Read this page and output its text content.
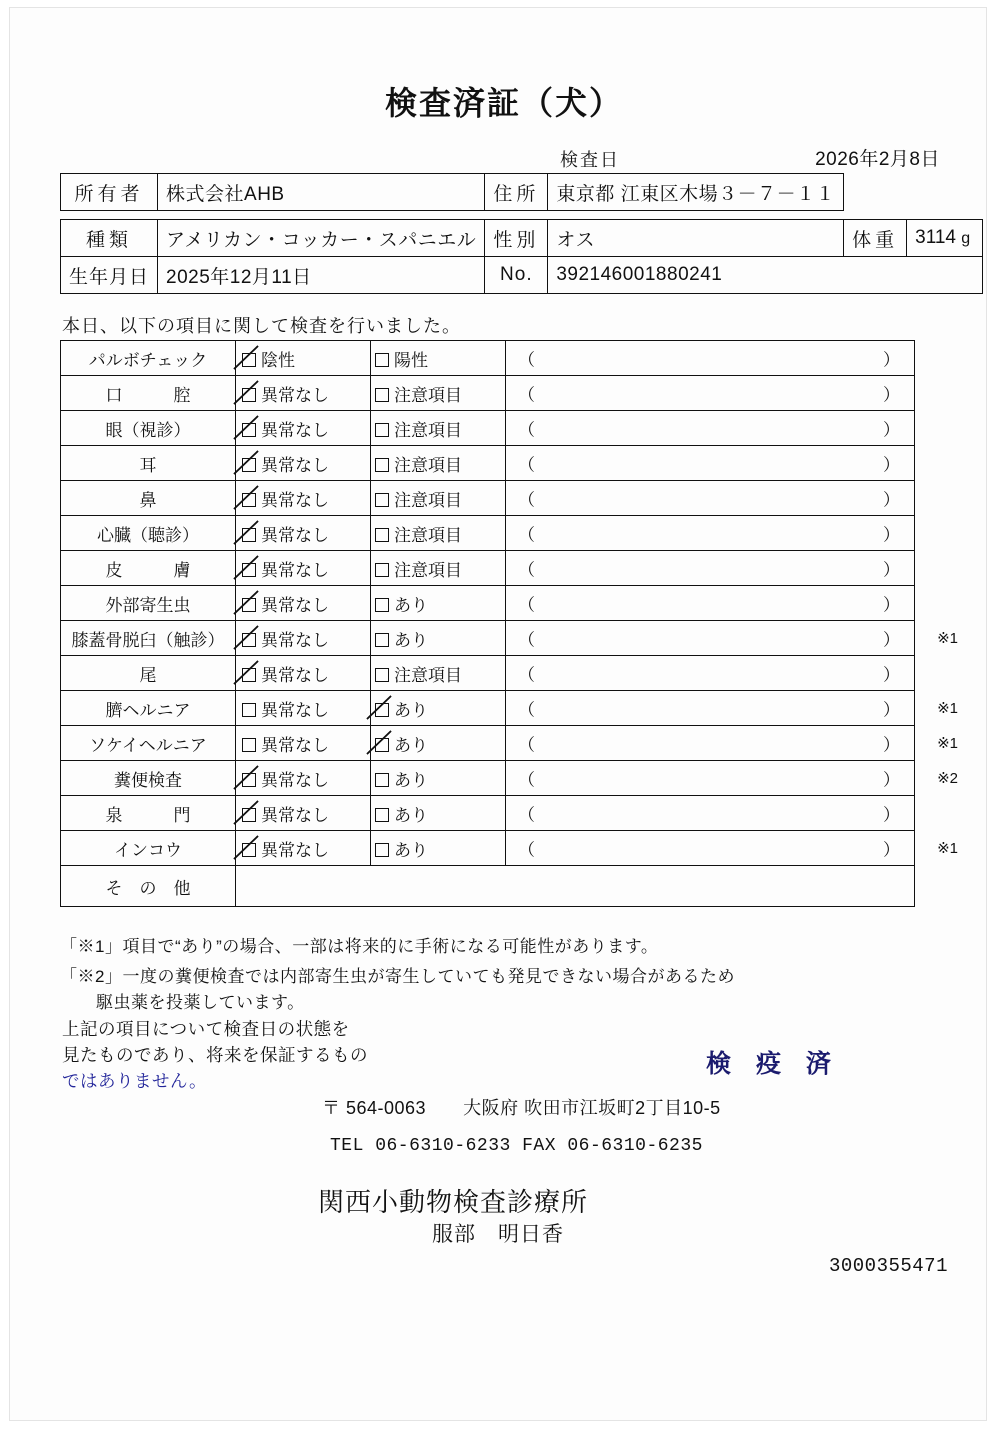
検査済証（犬）
検査日	2026年2月8日
所有者	株式会社AHB	住所	東京都 江東区木場３－７－１１		

種類	アメリカン・コッカー・スパニエル	性別	オス	体重	3114 g
生年月日	2025年12月11日	No.	392146001880241		
本日、以下の項目に関して検査を行いました。
パルボチェック	陰性	陽性	（ ）

口　　　腔	異常なし	注意項目	（ ）

眼（視診）	異常なし	注意項目	（ ）

耳	異常なし	注意項目	（ ）

鼻	異常なし	注意項目	（ ）

心臓（聴診）	異常なし	注意項目	（ ）

皮　　　膚	異常なし	注意項目	（ ）

外部寄生虫	異常なし	あり	（ ）

膝蓋骨脱臼（触診）	異常なし	あり	（ ） ※1

尾	異常なし	注意項目	（ ）

臍ヘルニア	異常なし	あり	（ ） ※1

ソケイヘルニア	異常なし	あり	（ ） ※1

糞便検査	異常なし	あり	（ ） ※2

泉　　　門	異常なし	あり	（ ）

インコウ	異常なし	あり	（ ） ※1

そ　の　他			
「※1」項目で“あり”の場合、一部は将来的に手術になる可能性があります。
「※2」一度の糞便検査では内部寄生虫が寄生していても発見できない場合があるため
駆虫薬を投薬しています。
上記の項目について検査日の状態を
見たものであり、将来を保証するもの
ではありません。
検 疫 済
〒 564-0063　　大阪府 吹田市江坂町2丁目10-5
TEL 06-6310-6233 FAX 06-6310-6235
関西小動物検査診療所
服部　明日香
3000355471
